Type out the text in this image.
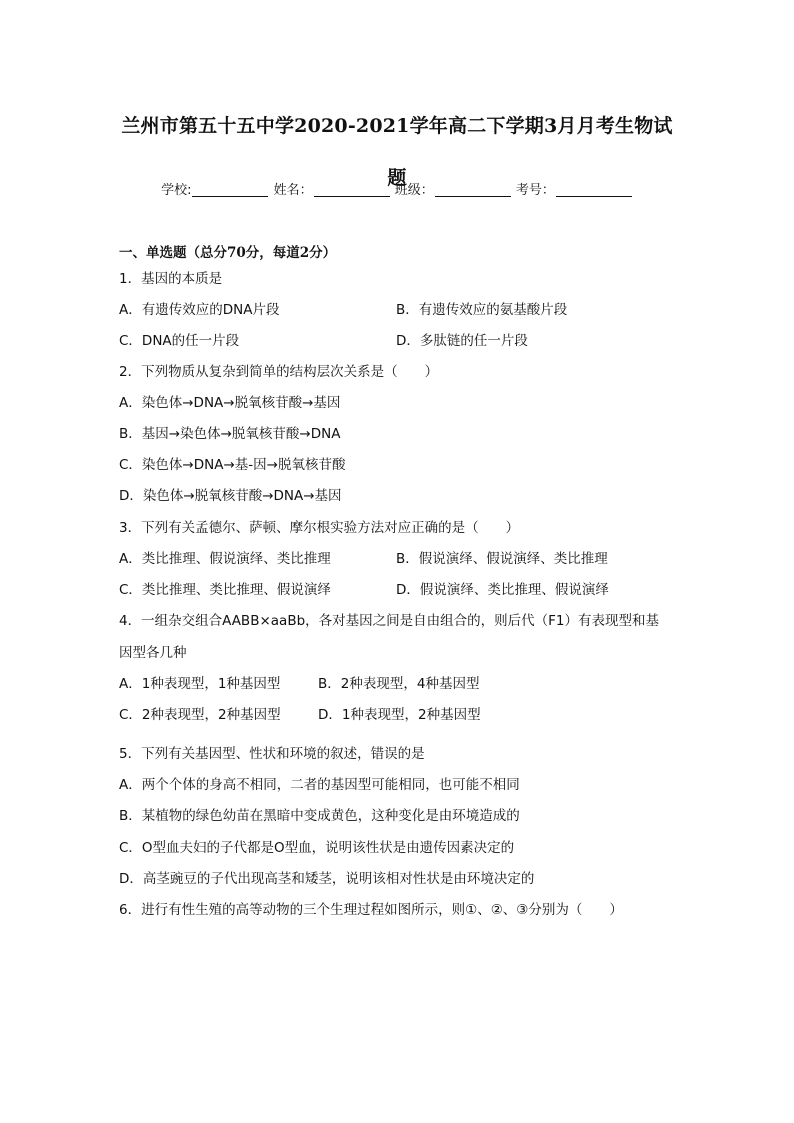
兰州市第五十五中学2020-2021学年高二下学期3月月考生物试
题
学校:	姓名：	班级：	考号：
一、单选题（总分70分，每道2分）
1．基因的本质是
A．有遗传效应的DNA片段	B．有遗传效应的氨基酸片段
C．DNA的任一片段	D．多肽链的任一片段
2．下列物质从复杂到简单的结构层次关系是（　　）
A．染色体→DNA→脱氧核苷酸→基因
B．基因→染色体→脱氧核苷酸→DNA
C．染色体→DNA→基-因→脱氧核苷酸
D．染色体→脱氧核苷酸→DNA→基因
3．下列有关孟德尔、萨顿、摩尔根实验方法对应正确的是（　　）
A．类比推理、假说演绎、类比推理	B．假说演绎、假说演绎、类比推理
C．类比推理、类比推理、假说演绎	D．假说演绎、类比推理、假说演绎
4．一组杂交组合AABB×aaBb，各对基因之间是自由组合的，则后代（F1）有表现型和基
因型各几种
A．1种表现型，1种基因型	B．2种表现型，4种基因型
C．2种表现型，2种基因型	D．1种表现型，2种基因型
5．下列有关基因型、性状和环境的叙述，错误的是
A．两个个体的身高不相同，二者的基因型可能相同，也可能不相同
B．某植物的绿色幼苗在黑暗中变成黄色，这种变化是由环境造成的
C．O型血夫妇的子代都是O型血，说明该性状是由遗传因素决定的
D．高茎豌豆的子代出现高茎和矮茎，说明该相对性状是由环境决定的
6．进行有性生殖的高等动物的三个生理过程如图所示，则①、②、③分别为（　　）
